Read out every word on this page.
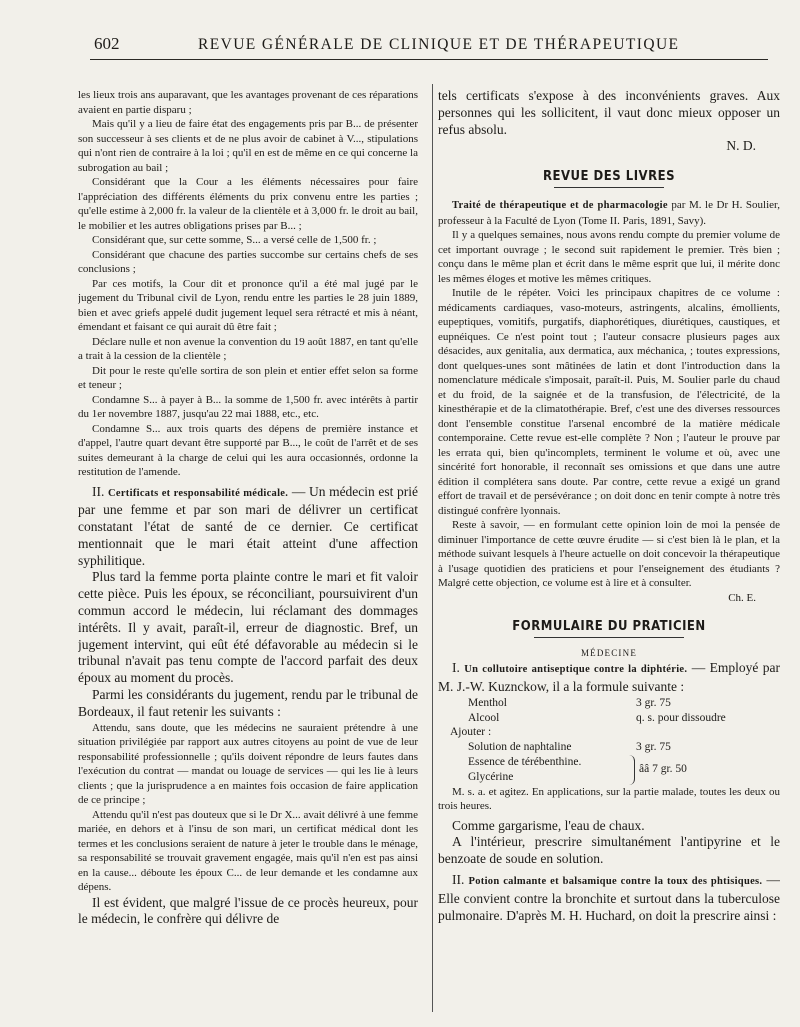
602	REVUE GÉNÉRALE DE CLINIQUE ET DE THÉRAPEUTIQUE

les lieux trois ans auparavant, que les avantages provenant de ces réparations avaient en partie disparu ;

Mais qu'il y a lieu de faire état des engagements pris par B... de présenter son successeur à ses clients et de ne plus avoir de cabinet à V..., stipulations qui n'ont rien de contraire à la loi ; qu'il en est de même en ce qui concerne la subrogation au bail ;

Considérant que la Cour a les éléments nécessaires pour faire l'appréciation des différents éléments du prix convenu entre les parties ; qu'elle estime à 2,000 fr. la valeur de la clientèle et à 3,000 fr. le droit au bail, le mobilier et les autres obligations prises par B... ;

Considérant que, sur cette somme, S... a versé celle de 1,500 fr. ;

Considérant que chacune des parties succombe sur certains chefs de ses conclusions ;

Par ces motifs, la Cour dit et prononce qu'il a été mal jugé par le jugement du Tribunal civil de Lyon, rendu entre les parties le 28 juin 1889, bien et avec griefs appelé dudit jugement lequel sera rétracté et mis à néant, émendant et faisant ce qui aurait dû être fait ;

Déclare nulle et non avenue la convention du 19 août 1887, en tant qu'elle a trait à la cession de la clientèle ;

Dit pour le reste qu'elle sortira de son plein et entier effet selon sa forme et teneur ;

Condamne S... à payer à B... la somme de 1,500 fr. avec intérêts à partir du 1er novembre 1887, jusqu'au 22 mai 1888, etc., etc.

Condamne S... aux trois quarts des dépens de première instance et d'appel, l'autre quart devant être supporté par B..., le coût de l'arrêt et de ses suites demeurant à la charge de celui qui les aura occasionnés, ordonne la restitution de l'amende.

II. Certificats et responsabilité médicale. — Un médecin est prié par une femme et par son mari de délivrer un certificat constatant l'état de santé de ce dernier. Ce certificat mentionnait que le mari était atteint d'une affection syphilitique.

Plus tard la femme porta plainte contre le mari et fit valoir cette pièce. Puis les époux, se réconciliant, poursuivirent d'un commun accord le médecin, lui réclamant des dommages intérêts. Il y avait, paraît-il, erreur de diagnostic. Bref, un jugement intervint, qui eût été défavorable au médecin si le tribunal n'avait pas tenu compte de l'accord parfait des deux époux au moment du procès.

Parmi les considérants du jugement, rendu par le tribunal de Bordeaux, il faut retenir les suivants :

Attendu, sans doute, que les médecins ne sauraient prétendre à une situation privilégiée par rapport aux autres citoyens au point de vue de leur responsabilité professionnelle ; qu'ils doivent répondre de leurs fautes dans l'exécution du contrat — mandat ou louage de services — qui les lie à leurs clients ; que la jurisprudence a en maintes fois occasion de faire application de ce principe ;

Attendu qu'il n'est pas douteux que si le Dr X... avait délivré à une femme mariée, en dehors et à l'insu de son mari, un certificat médical dont les termes et les conclusions seraient de nature à jeter le trouble dans le ménage, sa responsabilité se trouvait gravement engagée, mais qu'il n'en est pas ainsi en la cause... déboute les époux C... de leur demande et les condamne aux dépens.

Il est évident, que malgré l'issue de ce procès heureux, pour le médecin, le confrère qui délivre de

tels certificats s'expose à des inconvénients graves. Aux personnes qui les sollicitent, il vaut donc mieux opposer un refus absolu.

N. D.
REVUE DES LIVRES

Traité de thérapeutique et de pharmacologie par M. le Dr H. Soulier, professeur à la Faculté de Lyon (Tome II. Paris, 1891, Savy).

Il y a quelques semaines, nous avons rendu compte du premier volume de cet important ouvrage ; le second suit rapidement le premier. Très bien ; conçu dans le même plan et écrit dans le même esprit que lui, il mérite donc les mêmes éloges et motive les mêmes critiques.

Inutile de le répéter. Voici les principaux chapitres de ce volume : médicaments cardiaques, vaso-moteurs, astringents, alcalins, émollients, eupeptiques, vomitifs, purgatifs, diaphorétiques, diurétiques, caustiques, et eupnéiques. Ce n'est point tout ; l'auteur consacre plusieurs pages aux désacides, aux genitalia, aux dermatica, aux méchanica, ; toutes expressions, dont quelques-unes sont mâtinées de latin et dont l'introduction dans la nomenclature médicale s'imposait, paraît-il. Puis, M. Soulier parle du chaud et du froid, de la saignée et de la transfusion, de l'électricité, de la kinesthérapie et de la climatothérapie. Bref, c'est une des diverses ressources dont l'ensemble constitue l'arsenal encombré de la matière médicale contemporaine. Cette revue est-elle complète ? Non ; l'auteur le prouve par les errata qui, bien qu'incomplets, terminent le volume et où, avec une sincérité fort honorable, il reconnaît ses omissions et que dans une autre édition il complétera sans doute. Par contre, cette revue a exigé un grand effort de travail et de persévérance ; on doit donc en tenir compte à notre très distingué confrère lyonnais.

Reste à savoir, — en formulant cette opinion loin de moi la pensée de diminuer l'importance de cette œuvre érudite — si c'est bien là le plan, et la méthode suivant lesquels à l'heure actuelle on doit concevoir la thérapeutique à l'usage quotidien des praticiens et pour l'enseignement des étudiants ? Malgré cette objection, ce volume est à lire et à consulter.

Ch. E.
FORMULAIRE DU PRATICIEN
MÉDECINE

I. Un collutoire antiseptique contre la diphtérie. — Employé par M. J.-W. Kuznckow, il a la formule suivante :

Menthol	3 gr. 75
Alcool	q. s. pour dissoudre
Ajouter :
Solution de naphtaline	3 gr. 75
Essence de térébenthine.
Glycérine
ââ 7 gr. 50

M. s. a. et agitez. En applications, sur la partie malade, toutes les deux ou trois heures.

Comme gargarisme, l'eau de chaux.

A l'intérieur, prescrire simultanément l'antipyrine et le benzoate de soude en solution.

II. Potion calmante et balsamique contre la toux des phtisiques. — Elle convient contre la bronchite et surtout dans la tuberculose pulmonaire. D'après M. H. Huchard, on doit la prescrire ainsi :
